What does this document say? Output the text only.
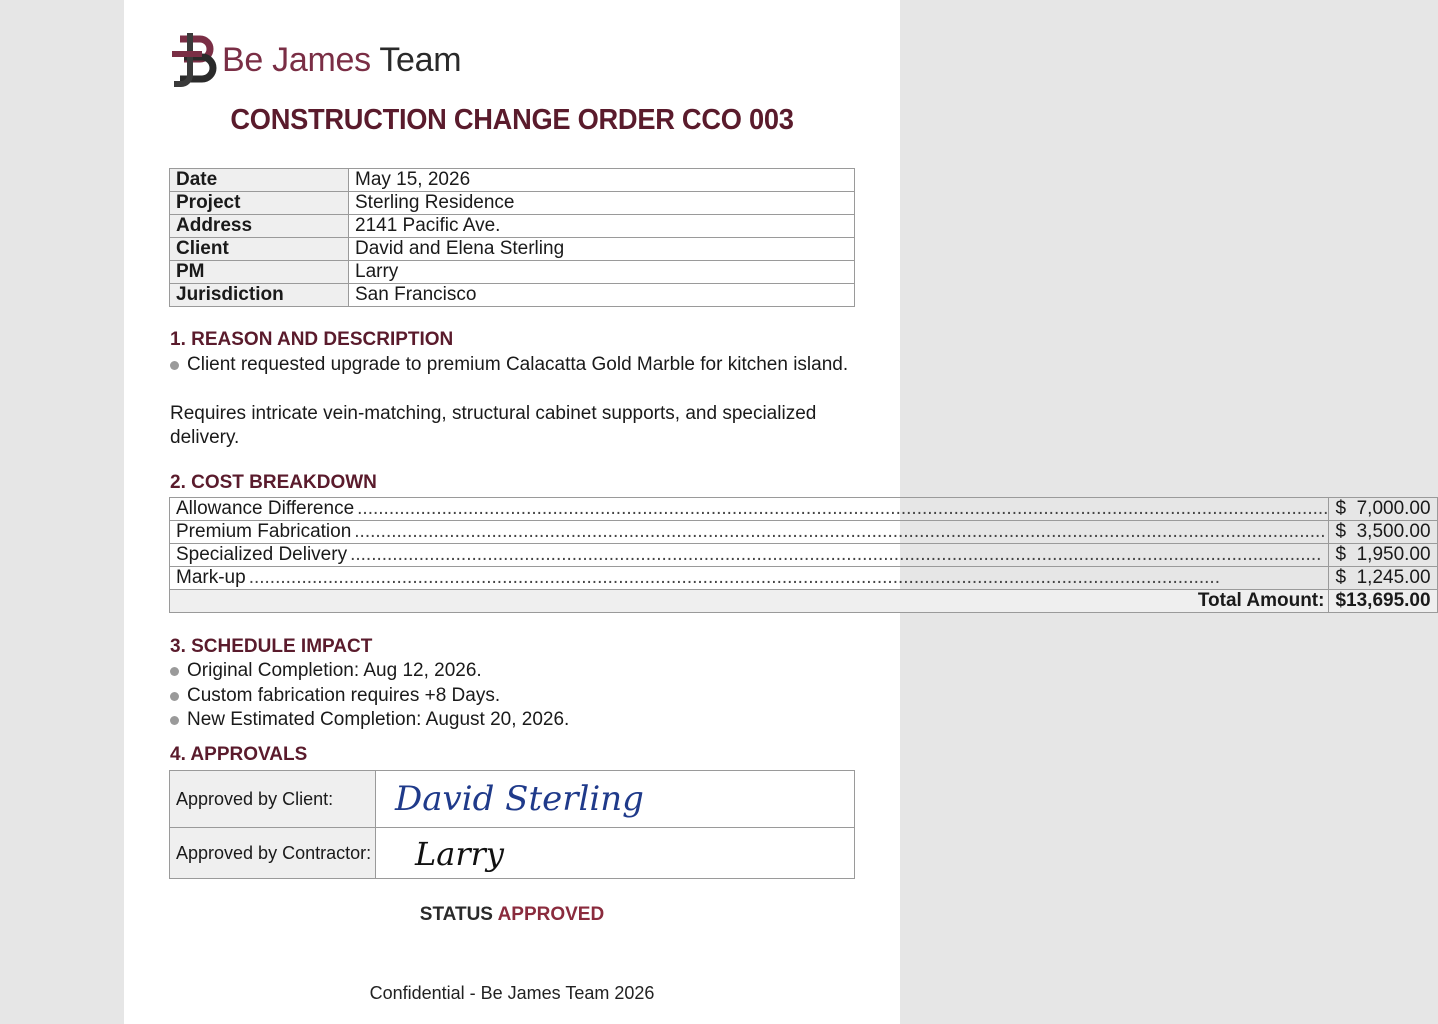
Be James Team
CONSTRUCTION CHANGE ORDER CCO 003
Date	May 15, 2026
Project	Sterling Residence
Address	2141 Pacific Ave.
Client	David and Elena Sterling
PM	Larry
Jurisdiction	San Francisco
1. REASON AND DESCRIPTION
Client requested upgrade to premium Calacatta Gold Marble for kitchen island.
Requires intricate vein-matching, structural cabinet supports, and specialized delivery.
2. COST BREAKDOWN
Allowance Difference
.....	$ 7,000.00

Premium Fabrication
.....	$ 3,500.00

Specialized Delivery
.....	$ 1,950.00

Mark-up
.....	$ 1,245.00

Total Amount:	$ 13,695.00
3. SCHEDULE IMPACT
Original Completion: Aug 12, 2026.
Custom fabrication requires +8 Days.
New Estimated Completion: August 20, 2026.
4. APPROVALS
Approved by Client:	David Sterling

Approved by Contractor:	Larry
STATUS APPROVED
Confidential - Be James Team 2026
